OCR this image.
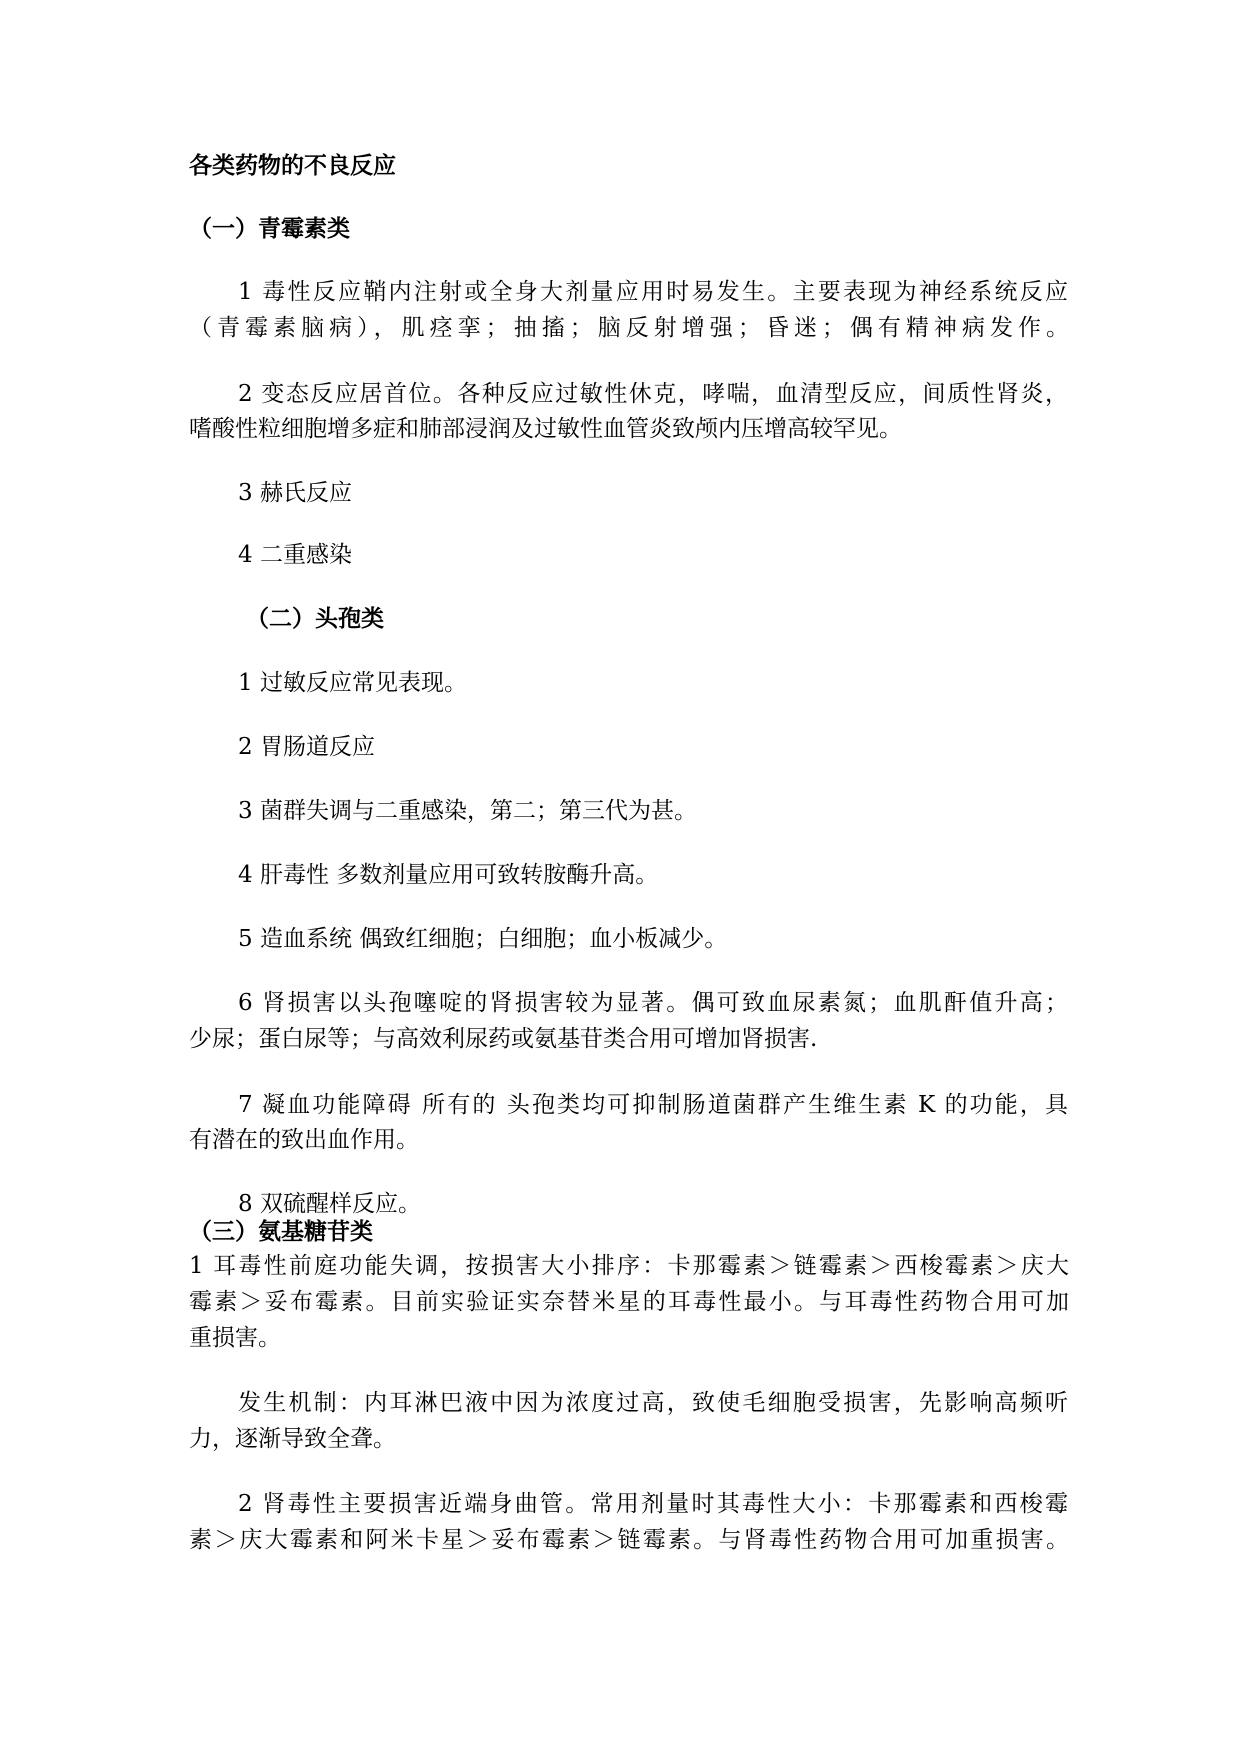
各类药物的不良反应
（一）青霉素类
1 毒性反应鞘内注射或全身大剂量应用时易发生。主要表现为神经系统反应
（青霉素脑病），肌痉挛；抽搐；脑反射增强；昏迷；偶有精神病发作。
2 变态反应居首位。各种反应过敏性休克，哮喘，血清型反应，间质性肾炎，
嗜酸性粒细胞增多症和肺部浸润及过敏性血管炎致颅内压增高较罕见。
3 赫氏反应
4 二重感染
（二）头孢类
1 过敏反应常见表现。
2 胃肠道反应
3 菌群失调与二重感染，第二；第三代为甚。
4 肝毒性 多数剂量应用可致转胺酶升高。
5 造血系统 偶致红细胞；白细胞；血小板减少。
6 肾损害以头孢噻啶的肾损害较为显著。偶可致血尿素氮；血肌酐值升高；
少尿；蛋白尿等；与高效利尿药或氨基苷类合用可增加肾损害.
7 凝血功能障碍 所有的 头孢类均可抑制肠道菌群产生维生素 K 的功能，具
有潜在的致出血作用。
8 双硫醒样反应。
（三）氨基糖苷类
1 耳毒性前庭功能失调，按损害大小排序：卡那霉素＞链霉素＞西梭霉素＞庆大
霉素＞妥布霉素。目前实验证实奈替米星的耳毒性最小。与耳毒性药物合用可加
重损害。
发生机制：内耳淋巴液中因为浓度过高，致使毛细胞受损害，先影响高频听
力，逐渐导致全聋。
2 肾毒性主要损害近端身曲管。常用剂量时其毒性大小：卡那霉素和西梭霉
素＞庆大霉素和阿米卡星＞妥布霉素＞链霉素。与肾毒性药物合用可加重损害。
